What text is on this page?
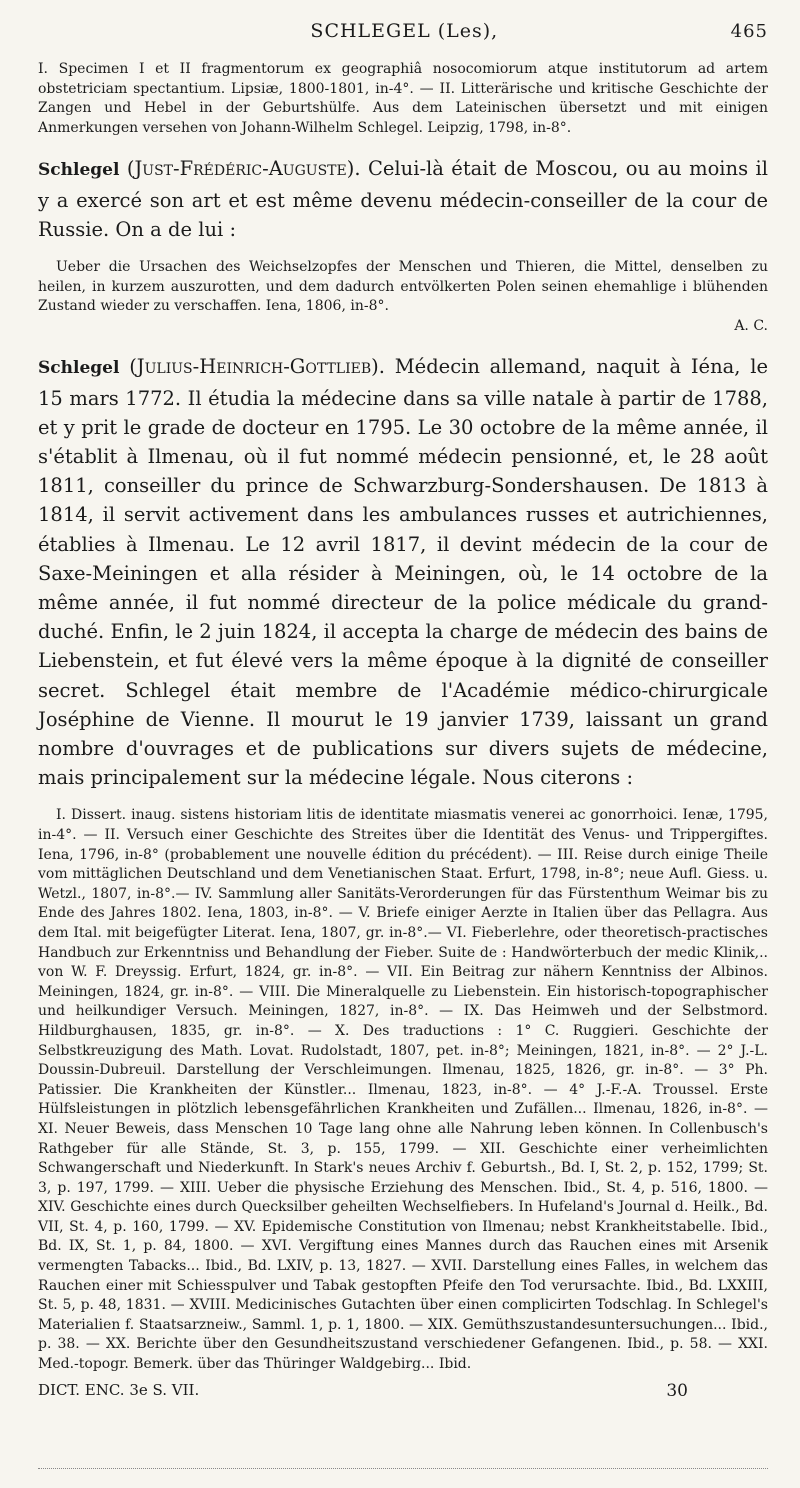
SCHLEGEL (Les),	465

I. Specimen I et II fragmentorum ex geographiâ nosocomiorum atque institutorum ad artem obstetriciam spectantium. Lipsiæ, 1800-1801, in-4°. — II. Litterärische und kritische Geschichte der Zangen und Hebel in der Geburtshülfe. Aus dem Lateinischen übersetzt und mit einigen Anmerkungen versehen von Johann-Wilhelm Schlegel. Leipzig, 1798, in-8°.

Schlegel (Just-Frédéric-Auguste). Celui-là était de Moscou, ou au moins il y a exercé son art et est même devenu médecin-conseiller de la cour de Russie. On a de lui :

Ueber die Ursachen des Weichselzopfes der Menschen und Thieren, die Mittel, denselben zu heilen, in kurzem auszurotten, und dem dadurch entvölkerten Polen seinen ehemahlige i blühenden Zustand wieder zu verschaffen. Iena, 1806, in-8°.

A. C.

Schlegel (Julius-Heinrich-Gottlieb). Médecin allemand, naquit à Iéna, le 15 mars 1772. Il étudia la médecine dans sa ville natale à partir de 1788, et y prit le grade de docteur en 1795. Le 30 octobre de la même année, il s'établit à Ilmenau, où il fut nommé médecin pensionné, et, le 28 août 1811, conseiller du prince de Schwarzburg-Sondershausen. De 1813 à 1814, il servit activement dans les ambulances russes et autrichiennes, établies à Ilmenau. Le 12 avril 1817, il devint médecin de la cour de Saxe-Meiningen et alla résider à Meiningen, où, le 14 octobre de la même année, il fut nommé directeur de la police médicale du grand-duché. Enfin, le 2 juin 1824, il accepta la charge de médecin des bains de Liebenstein, et fut élevé vers la même époque à la dignité de conseiller secret. Schlegel était membre de l'Académie médico-chirurgicale Joséphine de Vienne. Il mourut le 19 janvier 1739, laissant un grand nombre d'ouvrages et de publications sur divers sujets de médecine, mais principalement sur la médecine légale. Nous citerons :

I. Dissert. inaug. sistens historiam litis de identitate miasmatis venerei ac gonorrhoici. Ienæ, 1795, in-4°. — II. Versuch einer Geschichte des Streites über die Identität des Venus- und Trippergiftes. Iena, 1796, in-8° (probablement une nouvelle édition du précédent). — III. Reise durch einige Theile vom mittäglichen Deutschland und dem Venetianischen Staat. Erfurt, 1798, in-8°; neue Aufl. Giess. u. Wetzl., 1807, in-8°.— IV. Sammlung aller Sanitäts-Verorderungen für das Fürstenthum Weimar bis zu Ende des Jahres 1802. Iena, 1803, in-8°. — V. Briefe einiger Aerzte in Italien über das Pellagra. Aus dem Ital. mit beigefügter Literat. Iena, 1807, gr. in-8°.— VI. Fieberlehre, oder theoretisch-practisches Handbuch zur Erkenntniss und Behandlung der Fieber. Suite de : Handwörterbuch der medic Klinik,.. von W. F. Dreyssig. Erfurt, 1824, gr. in-8°. — VII. Ein Beitrag zur nähern Kenntniss der Albinos. Meiningen, 1824, gr. in-8°. — VIII. Die Mineralquelle zu Liebenstein. Ein historisch-topographischer und heilkundiger Versuch. Meiningen, 1827, in-8°. — IX. Das Heimweh und der Selbstmord. Hildburghausen, 1835, gr. in-8°. — X. Des traductions : 1° C. Ruggieri. Geschichte der Selbstkreuzigung des Math. Lovat. Rudolstadt, 1807, pet. in-8°; Meiningen, 1821, in-8°. — 2° J.-L. Doussin-Dubreuil. Darstellung der Verschleimungen. Ilmenau, 1825, 1826, gr. in-8°. — 3° Ph. Patissier. Die Krankheiten der Künstler... Ilmenau, 1823, in-8°. — 4° J.-F.-A. Troussel. Erste Hülfsleistungen in plötzlich lebensgefährlichen Krankheiten und Zufällen... Ilmenau, 1826, in-8°. — XI. Neuer Beweis, dass Menschen 10 Tage lang ohne alle Nahrung leben können. In Collenbusch's Rathgeber für alle Stände, St. 3, p. 155, 1799. — XII. Geschichte einer verheimlichten Schwangerschaft und Niederkunft. In Stark's neues Archiv f. Geburtsh., Bd. I, St. 2, p. 152, 1799; St. 3, p. 197, 1799. — XIII. Ueber die physische Erziehung des Menschen. Ibid., St. 4, p. 516, 1800. — XIV. Geschichte eines durch Quecksilber geheilten Wechselfiebers. In Hufeland's Journal d. Heilk., Bd. VII, St. 4, p. 160, 1799. — XV. Epidemische Constitution von Ilmenau; nebst Krankheitstabelle. Ibid., Bd. IX, St. 1, p. 84, 1800. — XVI. Vergiftung eines Mannes durch das Rauchen eines mit Arsenik vermengten Tabacks... Ibid., Bd. LXIV, p. 13, 1827. — XVII. Darstellung eines Falles, in welchem das Rauchen einer mit Schiesspulver und Tabak gestopften Pfeife den Tod verursachte. Ibid., Bd. LXXIII, St. 5, p. 48, 1831. — XVIII. Medicinisches Gutachten über einen complicirten Todschlag. In Schlegel's Materialien f. Staatsarzneiw., Samml. 1, p. 1, 1800. — XIX. Gemüthszustandesuntersuchungen... Ibid., p. 38. — XX. Berichte über den Gesundheitszustand verschiedener Gefangenen. Ibid., p. 58. — XXI. Med.-topogr. Bemerk. über das Thüringer Waldgebirg... Ibid.

DICT. ENC. 3e S. VII.	30
